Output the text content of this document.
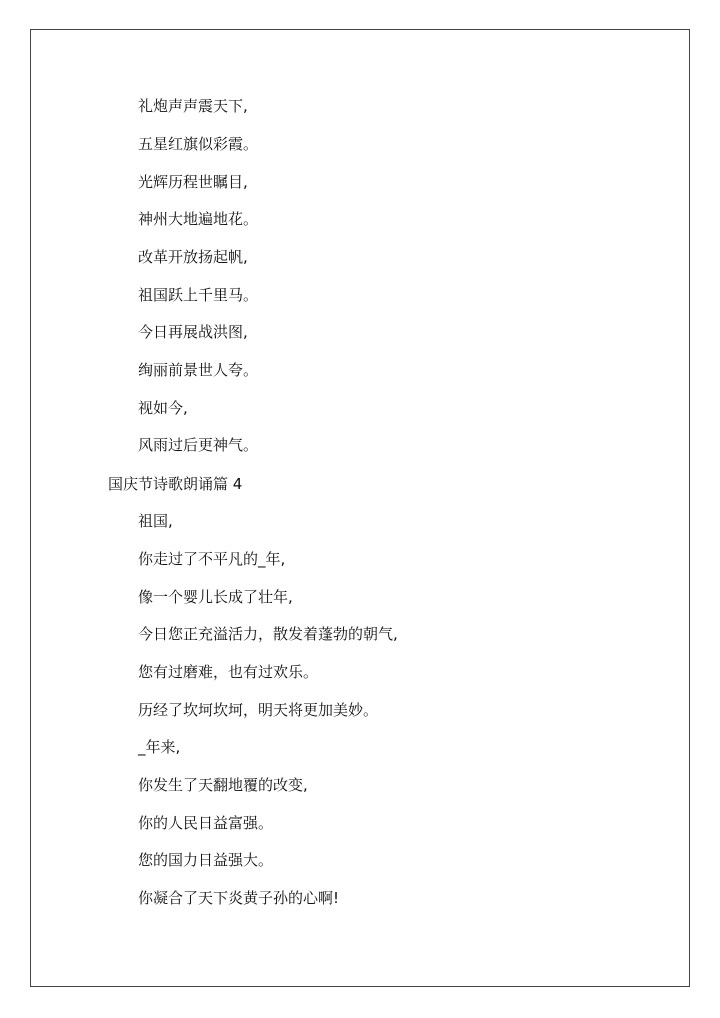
礼炮声声震天下,
五星红旗似彩霞。
光辉历程世瞩目,
神州大地遍地花。
改革开放扬起帆,
祖国跃上千里马。
今日再展战洪图,
绚丽前景世人夸。
视如今,
风雨过后更神气。
国庆节诗歌朗诵篇 4
祖国,
你走过了不平凡的_年,
像一个婴儿长成了壮年,
今日您正充溢活力，散发着蓬勃的朝气,
您有过磨难，也有过欢乐。
历经了坎坷坎坷，明天将更加美妙。
_年来,
你发生了天翻地覆的改变,
你的人民日益富强。
您的国力日益强大。
你凝合了天下炎黄子孙的心啊!
